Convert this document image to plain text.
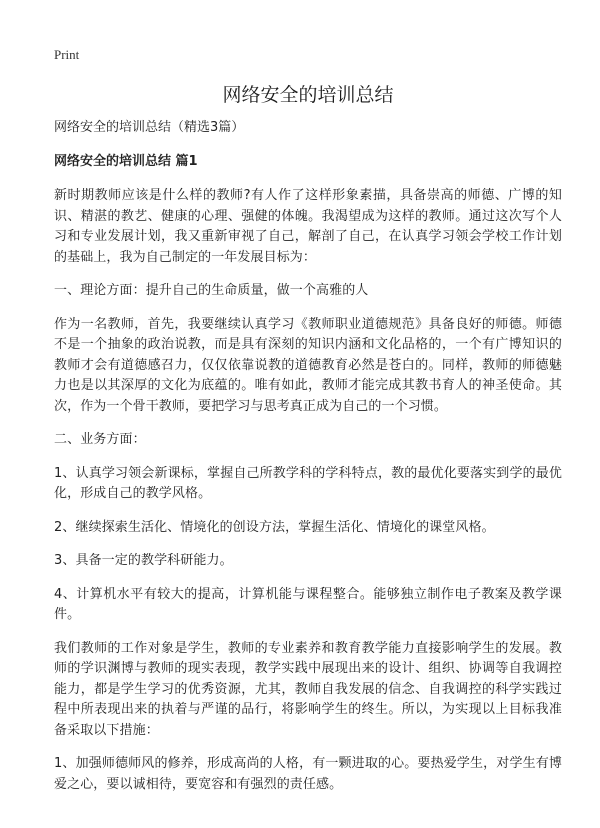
Print
网络安全的培训总结

网络安全的培训总结（精选3篇）

网络安全的培训总结 篇1

新时期教师应该是什么样的教师?有人作了这样形象素描，具备崇高的师德、广博的知识、精湛的教艺、健康的心理、强健的体魄。我渴望成为这样的教师。通过这次写个人习和专业发展计划，我又重新审视了自己，解剖了自己，在认真学习领会学校工作计划的基础上，我为自己制定的一年发展目标为：

一、理论方面：提升自己的生命质量，做一个高雅的人

作为一名教师，首先，我要继续认真学习《教师职业道德规范》具备良好的师德。师德不是一个抽象的政治说教，而是具有深刻的知识内涵和文化品格的，一个有广博知识的教师才会有道德感召力，仅仅依靠说教的道德教育必然是苍白的。同样，教师的师德魅力也是以其深厚的文化为底蕴的。唯有如此，教师才能完成其教书育人的神圣使命。其次，作为一个骨干教师，要把学习与思考真正成为自己的一个习惯。

二、业务方面：

1、认真学习领会新课标，掌握自己所教学科的学科特点，教的最优化要落实到学的最优化，形成自己的教学风格。

2、继续探索生活化、情境化的创设方法，掌握生活化、情境化的课堂风格。

3、具备一定的教学科研能力。

4、计算机水平有较大的提高，计算机能与课程整合。能够独立制作电子教案及教学课件。

我们教师的工作对象是学生，教师的专业素养和教育教学能力直接影响学生的发展。教师的学识渊博与教师的现实表现，教学实践中展现出来的设计、组织、协调等自我调控能力，都是学生学习的优秀资源，尤其，教师自我发展的信念、自我调控的科学实践过程中所表现出来的执着与严谨的品行，将影响学生的终生。所以，为实现以上目标我准备采取以下措施：

1、加强师德师风的修养，形成高尚的人格，有一颗进取的心。要热爱学生，对学生有博爱之心，要以诚相待，要宽容和有强烈的责任感。
